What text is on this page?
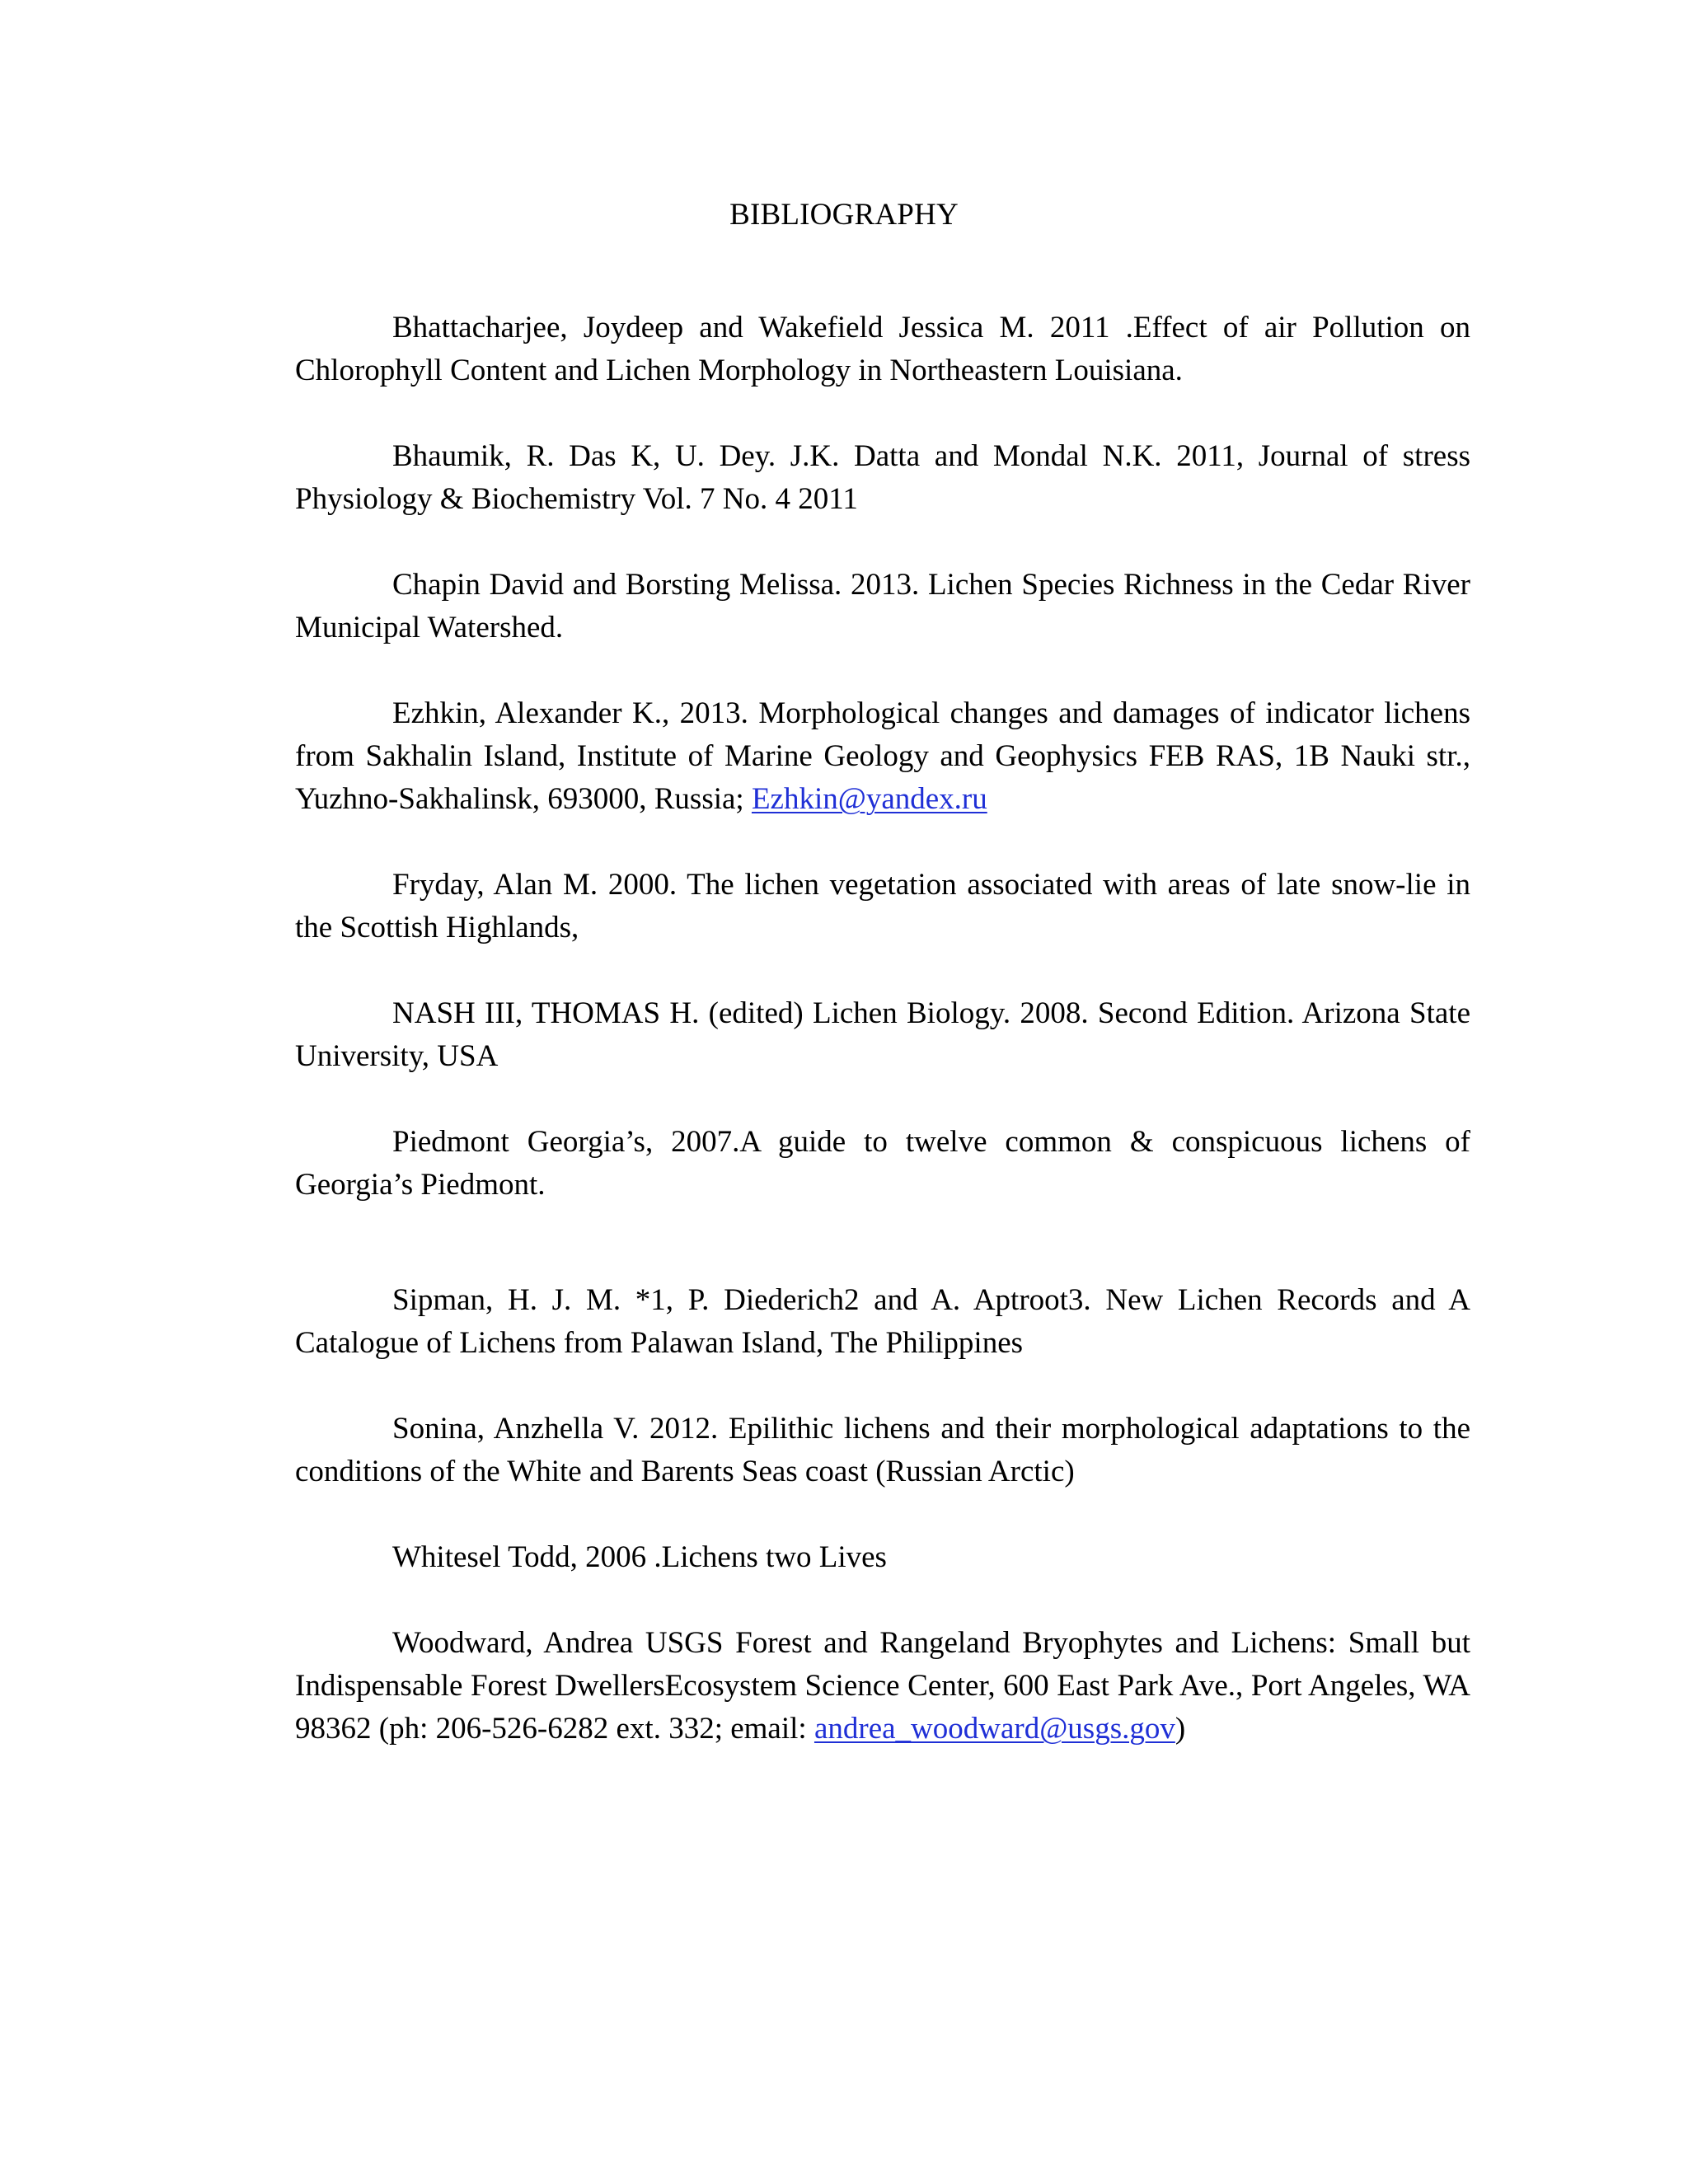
BIBLIOGRAPHY

Bhattacharjee, Joydeep and Wakefield Jessica M. 2011 .Effect of air Pollution on Chlorophyll Content and Lichen Morphology in Northeastern Louisiana.

Bhaumik, R. Das K, U. Dey. J.K. Datta and Mondal N.K. 2011, Journal of stress Physiology & Biochemistry Vol. 7 No. 4 2011

Chapin David and Borsting Melissa. 2013. Lichen Species Richness in the Cedar River Municipal Watershed.

Ezhkin, Alexander K., 2013. Morphological changes and damages of indicator lichens from Sakhalin Island, Institute of Marine Geology and Geophysics FEB RAS, 1B Nauki str., Yuzhno-Sakhalinsk, 693000, Russia; Ezhkin@yandex.ru

Fryday, Alan M. 2000. The lichen vegetation associated with areas of late snow-lie in the Scottish Highlands,

NASH III, THOMAS H. (edited) Lichen Biology. 2008. Second Edition. Arizona State University, USA

Piedmont Georgia’s, 2007.A guide to twelve common & conspicuous lichens of Georgia’s Piedmont.

Sipman, H. J. M. *1, P. Diederich2 and A. Aptroot3. New Lichen Records and A Catalogue of Lichens from Palawan Island, The Philippines

Sonina, Anzhella V. 2012. Epilithic lichens and their morphological adaptations to the conditions of the White and Barents Seas coast (Russian Arctic)

Whitesel Todd, 2006 .Lichens two Lives

Woodward, Andrea USGS Forest and Rangeland Bryophytes and Lichens: Small but Indispensable Forest DwellersEcosystem Science Center, 600 East Park Ave., Port Angeles, WA 98362 (ph: 206-526-6282 ext. 332; email: andrea_woodward@usgs.gov)
